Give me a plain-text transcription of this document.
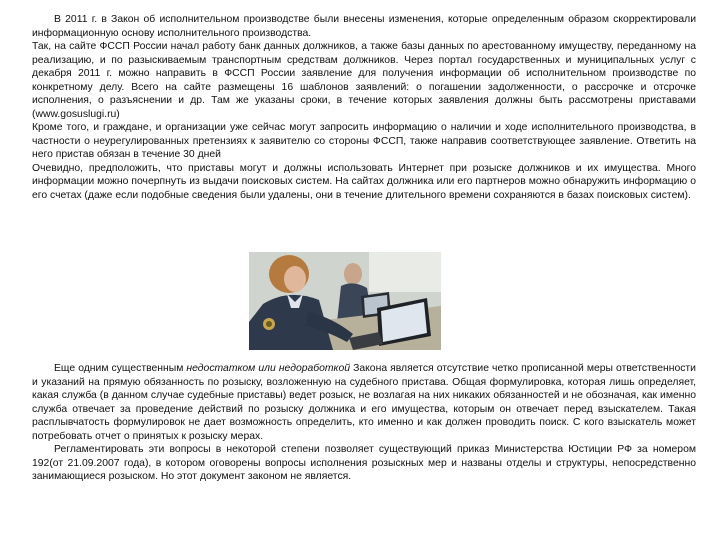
В 2011 г. в Закон об исполнительном производстве были внесены изменения, которые определенным образом скорректировали информационную основу исполнительного производства.

Так, на сайте ФССП России начал работу банк данных должников, а также базы данных по арестованному имуществу, переданному на реализацию, и по разыскиваемым транспортным средствам должников. Через портал государственных и муниципальных услуг с декабря 2011 г. можно направить в ФССП России заявление для получения информации об исполнительном производстве по конкретному делу. Всего на сайте размещены 16 шаблонов заявлений: о погашении задолженности, о рассрочке и отсрочке исполнения, о разъяснении и др. Там же указаны сроки, в течение которых заявления должны быть рассмотрены приставами (www.gosuslugi.ru)

Кроме того, и граждане, и организации уже сейчас могут запросить информацию о наличии и ходе исполнительного производства, в частности о неурегулированных претензиях к заявителю со стороны ФССП, также направив соответствующее заявление. Ответить на него пристав обязан в течение 30 дней

Очевидно, предположить, что приставы могут и должны использовать Интернет при розыске должников и их имущества. Много информации можно почерпнуть из выдачи поисковых систем. На сайтах должника или его партнеров можно обнаружить информацию о его счетах (даже если подобные сведения были удалены, они в течение длительного времени сохраняются в базах поисковых систем).

Еще одним существенным недостатком или недоработкой Закона является отсутствие четко прописанной меры ответственности и указаний на прямую обязанность по розыску, возложенную на судебного пристава. Общая формулировка, которая лишь определяет, какая служба (в данном случае судебные приставы) ведет розыск, не возлагая на них никаких обязанностей и не обозначая, как именно служба отвечает за проведение действий по розыску должника и его имущества, которым он отвечает перед взыскателем. Такая расплывчатость формулировок не дает возможность определить, кто именно и как должен проводить поиск. С кого взыскатель может потребовать отчет о принятых к розыску мерах.

Регламентировать эти вопросы в некоторой степени позволяет существующий приказ Министерства Юстиции РФ за номером 192(от 21.09.2007 года), в котором оговорены вопросы исполнения розыскных мер и названы отделы и структуры, непосредственно занимающиеся розыском. Но этот документ законом не является.
